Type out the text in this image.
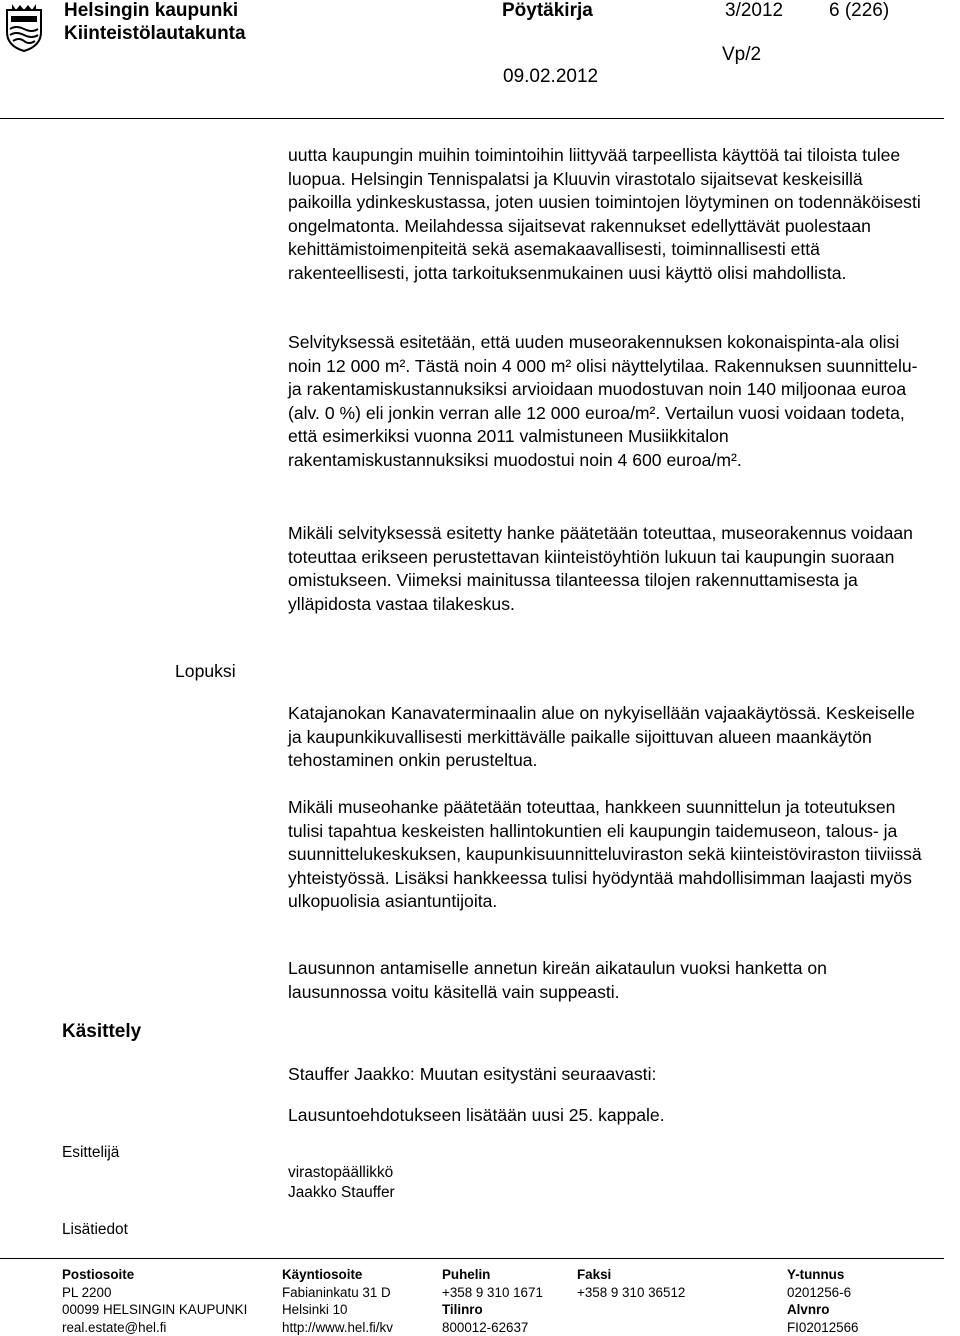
Helsingin kaupunki
Kiinteistölautakunta
Pöytäkirja	3/2012 6 (226)
Vp/2
09.02.2012

uutta kaupungin muihin toimintoihin liittyvää tarpeellista käyttöä tai tiloista tulee luopua. Helsingin Tennispalatsi ja Kluuvin virastotalo sijaitsevat keskeisillä paikoilla ydinkeskustassa, joten uusien toimintojen löytyminen on todennäköisesti ongelmatonta. Meilahdessa sijaitsevat rakennukset edellyttävät puolestaan kehittämistoimenpiteitä sekä asemakaavallisesti, toiminnallisesti että rakenteellisesti, jotta tarkoituksenmukainen uusi käyttö olisi mahdollista.

Selvityksessä esitetään, että uuden museorakennuksen kokonaispinta-ala olisi noin 12 000 m². Tästä noin 4 000 m² olisi näyttelytilaa. Rakennuksen suunnittelu- ja rakentamiskustannuksiksi arvioidaan muodostuvan noin 140 miljoonaa euroa (alv. 0 %) eli jonkin verran alle 12 000 euroa/m². Vertailun vuosi voidaan todeta, että esimerkiksi vuonna 2011 valmistuneen Musiikkitalon rakentamiskustannuksiksi muodostui noin 4 600 euroa/m².

Mikäli selvityksessä esitetty hanke päätetään toteuttaa, museorakennus voidaan toteuttaa erikseen perustettavan kiinteistöyhtiön lukuun tai kaupungin suoraan omistukseen. Viimeksi mainitussa tilanteessa tilojen rakennuttamisesta ja ylläpidosta vastaa tilakeskus.

Lopuksi

Katajanokan Kanavaterminaalin alue on nykyisellään vajaakäytössä. Keskeiselle ja kaupunkikuvallisesti merkittävälle paikalle sijoittuvan alueen maankäytön tehostaminen onkin perusteltua.

Mikäli museohanke päätetään toteuttaa, hankkeen suunnittelun ja toteutuksen tulisi tapahtua keskeisten hallintokuntien eli kaupungin taidemuseon, talous- ja suunnittelukeskuksen, kaupunkisuunnitteluviraston sekä kiinteistöviraston tiiviissä yhteistyössä. Lisäksi hankkeessa tulisi hyödyntää mahdollisimman laajasti myös ulkopuolisia asiantuntijoita.

Lausunnon antamiselle annetun kireän aikataulun vuoksi hanketta on lausunnossa voitu käsitellä vain suppeasti.

Käsittely

Stauffer Jaakko: Muutan esitystäni seuraavasti:

Lausuntoehdotukseen lisätään uusi 25. kappale.

Esittelijä
virastopäällikkö
Jaakko Stauffer
Lisätiedot
Postiosoite
PL 2200
00099 HELSINGIN KAUPUNKI
real.estate@hel.fi
Käyntiosoite
Fabianinkatu 31 D
Helsinki 10
http://www.hel.fi/kv
Puhelin
+358 9 310 1671
Tilinro
800012-62637
Faksi
+358 9 310 36512
Y-tunnus
0201256-6
Alvnro
FI02012566
